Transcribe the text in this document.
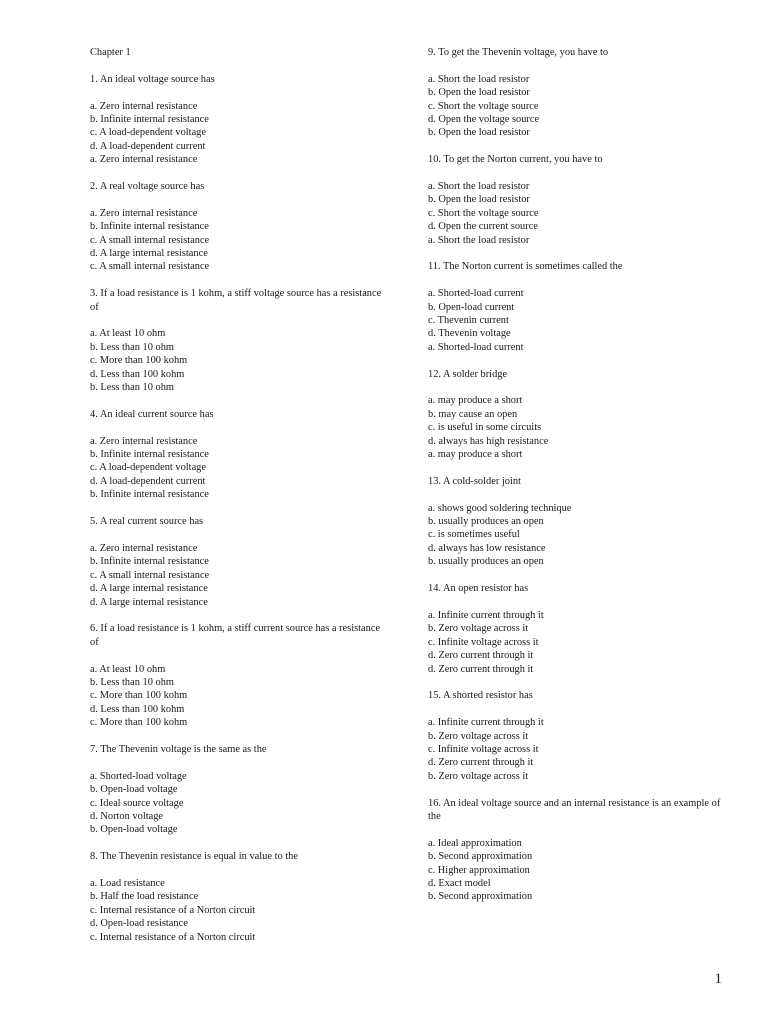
Chapter 1
1. An ideal voltage source has
a. Zero internal resistance
b. Infinite internal resistance
c. A load-dependent voltage
d. A load-dependent current
a. Zero internal resistance
2. A real voltage source has
a. Zero internal resistance
b. Infinite internal resistance
c. A small internal resistance
d. A large internal resistance
c. A small internal resistance
3. If a load resistance is 1 kohm, a stiff voltage source has a resistance of
a. At least 10 ohm
b. Less than 10 ohm
c. More than 100 kohm
d. Less than 100 kohm
b. Less than 10 ohm
4. An ideal current source has
a. Zero internal resistance
b. Infinite internal resistance
c. A load-dependent voltage
d. A load-dependent current
b. Infinite internal resistance
5. A real current source has
a. Zero internal resistance
b. Infinite internal resistance
c. A small internal resistance
d. A large internal resistance
d. A large internal resistance
6. If a load resistance is 1 kohm, a stiff current source has a resistance of
a. At least 10 ohm
b. Less than 10 ohm
c. More than 100 kohm
d. Less than 100 kohm
c. More than 100 kohm
7. The Thevenin voltage is the same as the
a. Shorted-load voltage
b. Open-load voltage
c. Ideal source voltage
d. Norton voltage
b. Open-load voltage
8. The Thevenin resistance is equal in value to the
a. Load resistance
b. Half the load resistance
c. Internal resistance of a Norton circuit
d. Open-load resistance
c. Internal resistance of a Norton circuit
9. To get the Thevenin voltage, you have to
a. Short the load resistor
b. Open the load resistor
c. Short the voltage source
d. Open the voltage source
b. Open the load resistor
10. To get the Norton current, you have to
a. Short the load resistor
b. Open the load resistor
c. Short the voltage source
d. Open the current source
a. Short the load resistor
11. The Norton current is sometimes called the
a. Shorted-load current
b. Open-load current
c. Thevenin current
d. Thevenin voltage
a. Shorted-load current
12. A solder bridge
a. may produce a short
b. may cause an open
c. is useful in some circuits
d. always has high resistance
a. may produce a short
13. A cold-solder joint
a. shows good soldering technique
b. usually produces an open
c. is sometimes useful
d. always has low resistance
b. usually produces an open
14. An open resistor has
a. Infinite current through it
b. Zero voltage across it
c. Infinite voltage across it
d. Zero current through it
d. Zero current through it
15. A shorted resistor has
a. Infinite current through it
b. Zero voltage across it
c. Infinite voltage across it
d. Zero current through it
b. Zero voltage across it
16. An ideal voltage source and an internal resistance is an example of the
a. Ideal approximation
b. Second approximation
c. Higher approximation
d. Exact model
b. Second approximation
1
